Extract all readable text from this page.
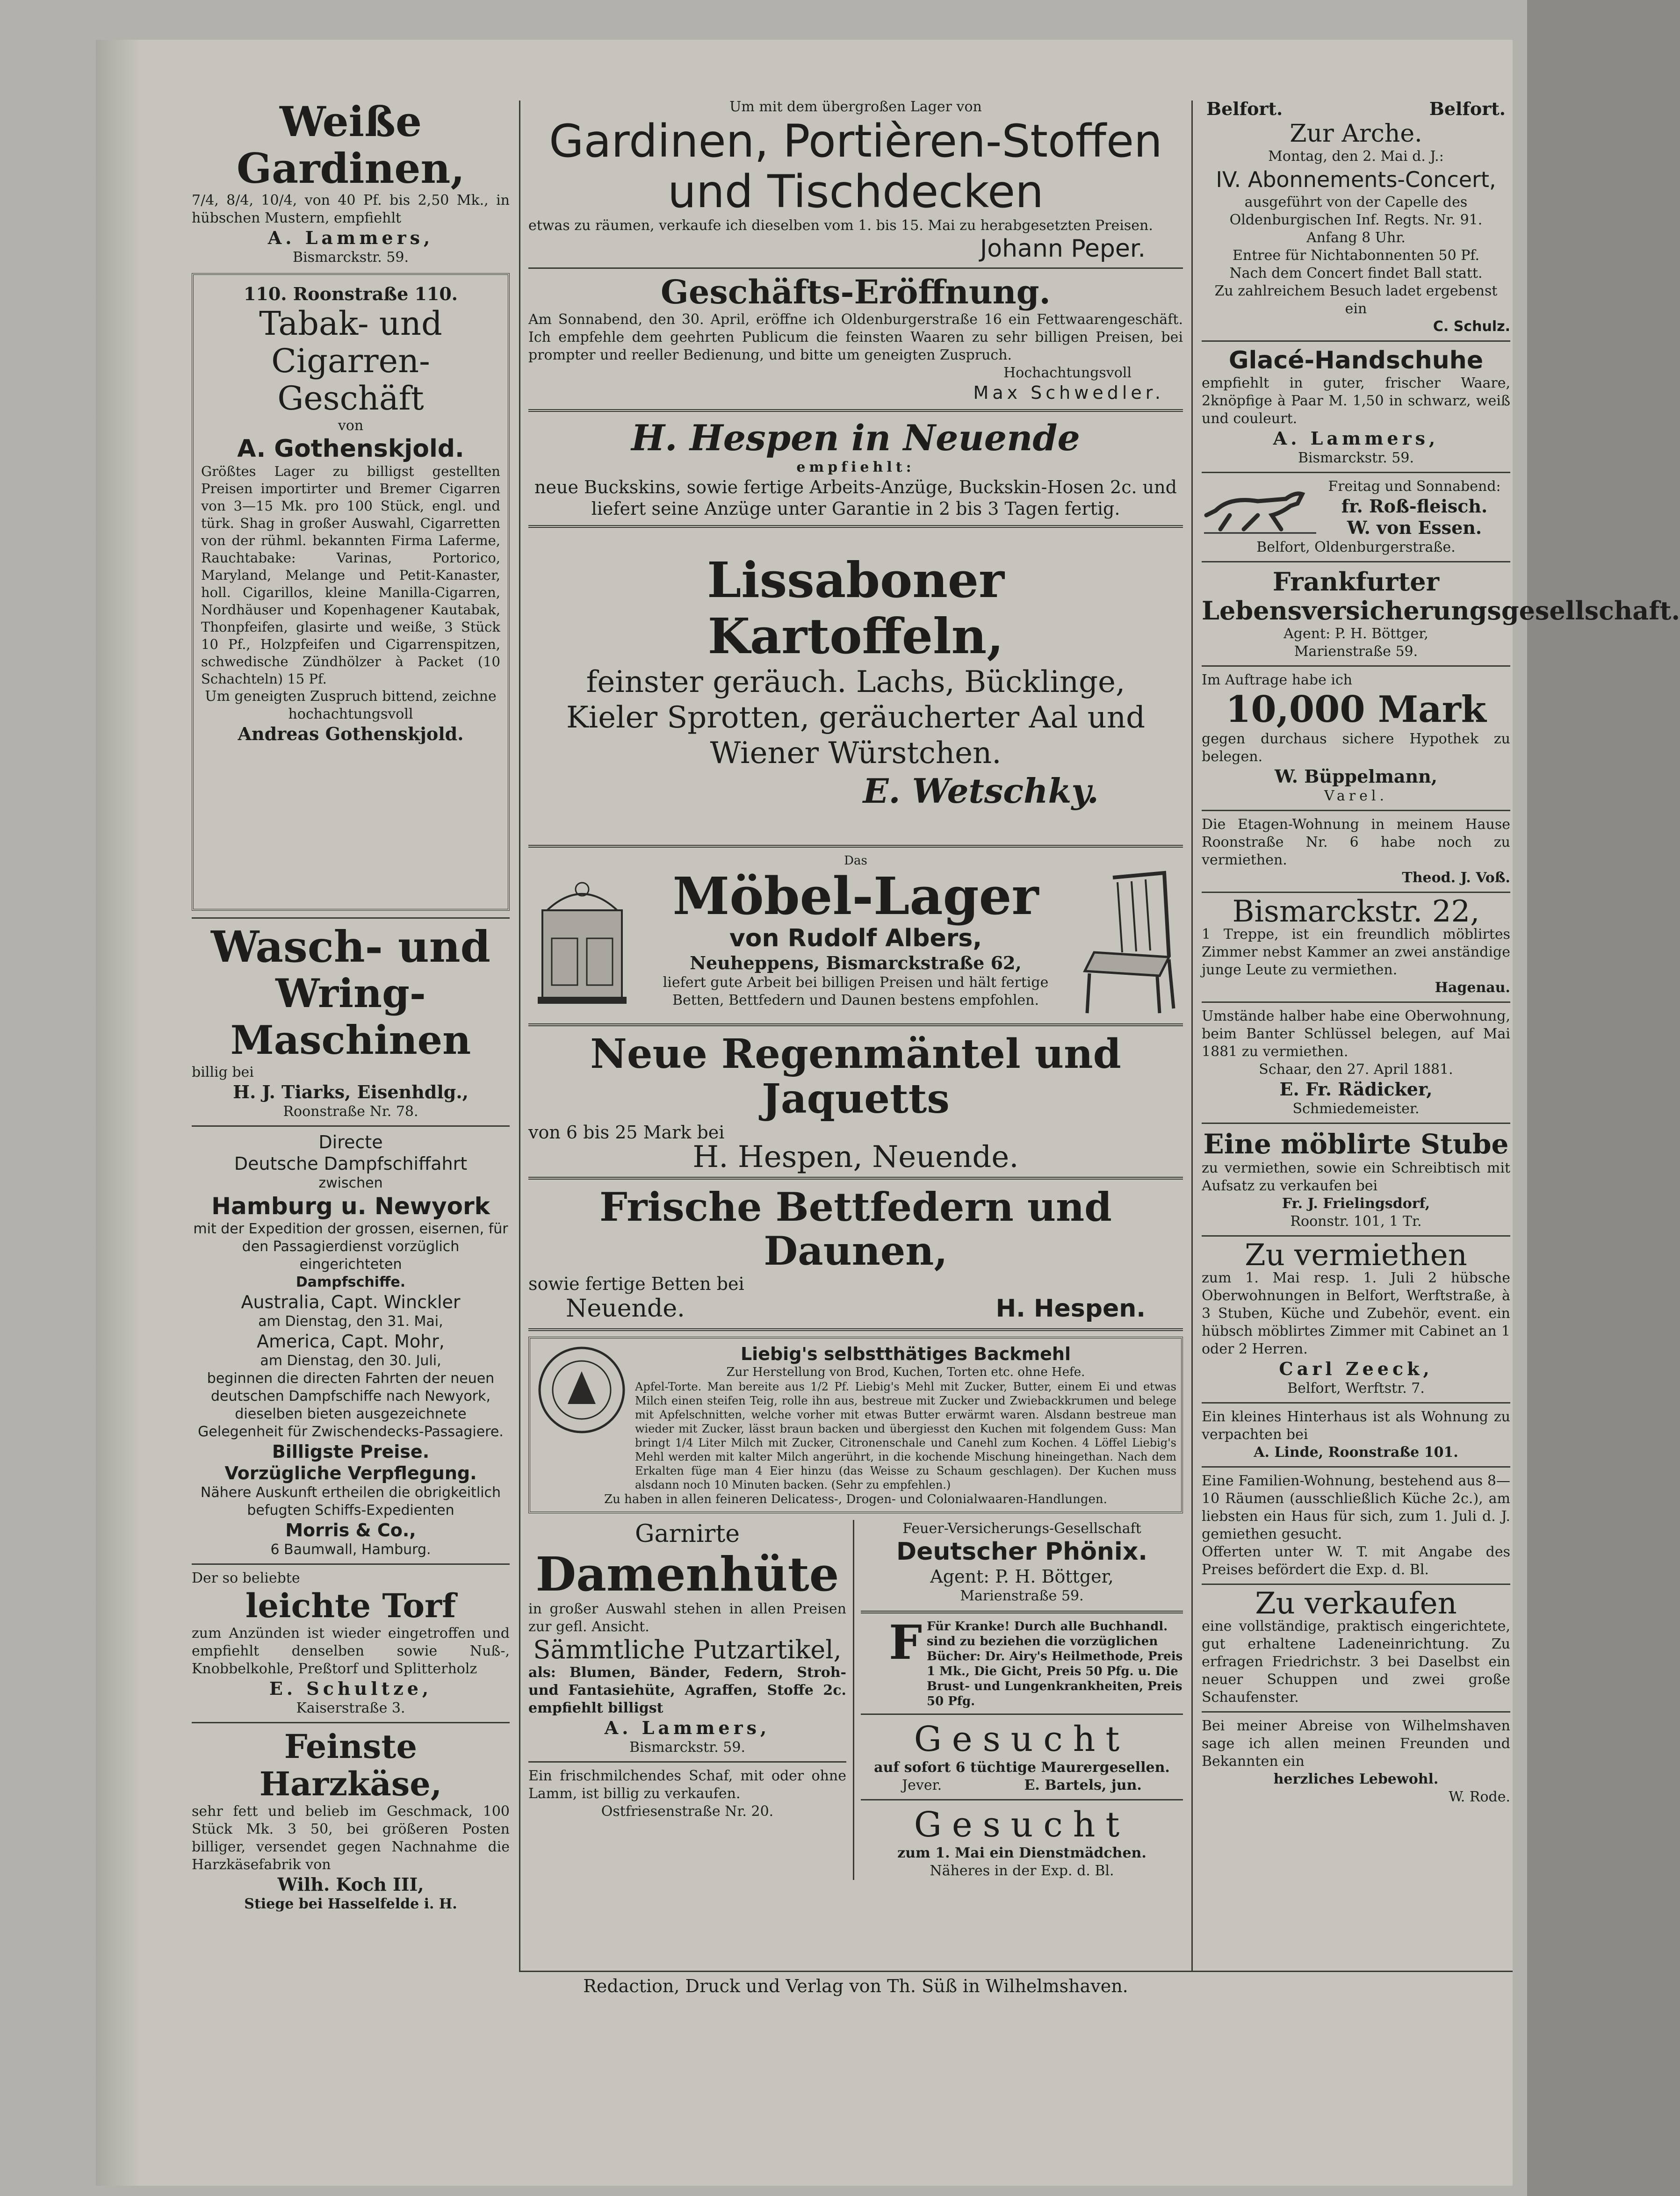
Weiße Gardinen,
7/4, 8/4, 10/4, von 40 Pf. bis 2,50 Mk., in hübschen Mustern, empfiehlt
A. Lammers,
Bismarckstr. 59.
110. Roonstraße 110.
Tabak- und
Cigarren-Geschäft
von
A. Gothenskjold.
Größtes Lager zu billigst gestellten Preisen importirter und Bremer Cigarren von 3—15 Mk. pro 100 Stück, engl. und türk. Shag in großer Auswahl, Cigarretten von der rühml. bekannten Firma Laferme, Rauchtabake: Varinas, Portorico, Maryland, Melange und Petit-Kanaster, holl. Cigarillos, kleine Manilla-Cigarren, Nordhäuser und Kopenhagener Kautabak, Thonpfeifen, glasirte und weiße, 3 Stück 10 Pf., Holzpfeifen und Cigarrenspitzen, schwedische Zündhölzer à Packet (10 Schachteln) 15 Pf.
Um geneigten Zuspruch bittend, zeichne hochachtungsvoll
Andreas Gothenskjold.
Wasch- und
Wring-Maschinen
billig bei
H. J. Tiarks, Eisenhdlg.,
Roonstraße Nr. 78.
Directe
Deutsche Dampfschiffahrt
zwischen
Hamburg u. Newyork
mit der Expedition der grossen, eisernen, für den Passagierdienst vorzüglich eingerichteten
Dampfschiffe.
Australia, Capt. Winckler
am Dienstag, den 31. Mai,
America, Capt. Mohr,
am Dienstag, den 30. Juli,
beginnen die directen Fahrten der neuen deutschen Dampfschiffe nach Newyork, dieselben bieten ausgezeichnete Gelegenheit für Zwischendecks-Passagiere.
Billigste Preise.
Vorzügliche Verpflegung.
Nähere Auskunft ertheilen die obrigkeitlich befugten Schiffs-Expedienten
Morris & Co.,
6 Baumwall, Hamburg.
Der so beliebte
leichte Torf
zum Anzünden ist wieder eingetroffen und empfiehlt denselben sowie Nuß-, Knobbelkohle, Preßtorf und Splitterholz
E. Schultze,
Kaiserstraße 3.
Feinste Harzkäse,
sehr fett und belieb im Geschmack, 100 Stück Mk. 3 50, bei größeren Posten billiger, versendet gegen Nachnahme die Harzkäsefabrik von
Wilh. Koch III,
Stiege bei Hasselfelde i. H.
Um mit dem übergroßen Lager von
Gardinen, Portièren-Stoffen
und Tischdecken
etwas zu räumen, verkaufe ich dieselben vom 1. bis 15. Mai zu herabgesetzten Preisen.
Johann Peper.
Geschäfts-Eröffnung.
Am Sonnabend, den 30. April, eröffne ich Oldenburgerstraße 16 ein Fettwaarengeschäft. Ich empfehle dem geehrten Publicum die feinsten Waaren zu sehr billigen Preisen, bei prompter und reeller Bedienung, und bitte um geneigten Zuspruch.
Hochachtungsvoll
Max Schwedler.
H. Hespen in Neuende
empfiehlt:
neue Buckskins, sowie fertige Arbeits-Anzüge, Buckskin-Hosen 2c. und liefert seine Anzüge unter Garantie in 2 bis 3 Tagen fertig.
Lissaboner Kartoffeln,
feinster geräuch. Lachs, Bücklinge, Kieler Sprotten, geräucherter Aal und Wiener Würstchen.
E. Wetschky.
Das
Möbel-Lager
von Rudolf Albers,
Neuheppens, Bismarckstraße 62,
liefert gute Arbeit bei billigen Preisen und hält fertige Betten, Bettfedern und Daunen bestens empfohlen.
Neue Regenmäntel und Jaquetts
von 6 bis 25 Mark bei
H. Hespen, Neuende.
Frische Bettfedern und Daunen,
sowie fertige Betten bei
Neuende.	H. Hespen.
Liebig's selbstthätiges Backmehl
Zur Herstellung von Brod, Kuchen, Torten etc. ohne Hefe.
Apfel-Torte. Man bereite aus 1/2 Pf. Liebig's Mehl mit Zucker, Butter, einem Ei und etwas Milch einen steifen Teig, rolle ihn aus, bestreue mit Zucker und Zwiebackkrumen und belege mit Apfelschnitten, welche vorher mit etwas Butter erwärmt waren. Alsdann bestreue man wieder mit Zucker, lässt braun backen und übergiesst den Kuchen mit folgendem Guss: Man bringt 1/4 Liter Milch mit Zucker, Citronenschale und Canehl zum Kochen. 4 Löffel Liebig's Mehl werden mit kalter Milch angerührt, in die kochende Mischung hineingethan. Nach dem Erkalten füge man 4 Eier hinzu (das Weisse zu Schaum geschlagen). Der Kuchen muss alsdann noch 10 Minuten backen. (Sehr zu empfehlen.)
Zu haben in allen feineren Delicatess-, Drogen- und Colonialwaaren-Handlungen.
Garnirte
Damenhüte
in großer Auswahl stehen in allen Preisen zur gefl. Ansicht.
Sämmtliche Putzartikel,
als: Blumen, Bänder, Federn, Stroh- und Fantasiehüte, Agraffen, Stoffe 2c. empfiehlt billigst
A. Lammers,
Bismarckstr. 59.
Ein frischmilchendes Schaf, mit oder ohne Lamm, ist billig zu verkaufen.
Ostfriesenstraße Nr. 20.
Feuer-Versicherungs-Gesellschaft
Deutscher Phönix.
Agent: P. H. Böttger,
Marienstraße 59.
F Für Kranke! Durch alle Buchhandl. sind zu beziehen die vorzüglichen Bücher: Dr. Airy's Heilmethode, Preis 1 Mk., Die Gicht, Preis 50 Pfg. u. Die Brust- und Lungenkrankheiten, Preis 50 Pfg.
Gesucht
auf sofort 6 tüchtige Maurergesellen.
Jever.	E. Bartels, jun.
Gesucht
zum 1. Mai ein Dienstmädchen.
Näheres in der Exp. d. Bl.
Belfort.	Belfort.
Zur Arche.
Montag, den 2. Mai d. J.:
IV. Abonnements-Concert,
ausgeführt von der Capelle des Oldenburgischen Inf. Regts. Nr. 91.
Anfang 8 Uhr.
Entree für Nichtabonnenten 50 Pf.
Nach dem Concert findet Ball statt.
Zu zahlreichem Besuch ladet ergebenst ein
C. Schulz.
Glacé-Handschuhe
empfiehlt in guter, frischer Waare, 2knöpfige à Paar M. 1,50 in schwarz, weiß und couleurt.
A. Lammers,
Bismarckstr. 59.
Freitag und Sonnabend:
fr. Roß-fleisch.
W. von Essen.
Belfort, Oldenburgerstraße.
Frankfurter Lebensversicherungsgesellschaft.
Agent: P. H. Böttger,
Marienstraße 59.
Im Auftrage habe ich
10,000 Mark
gegen durchaus sichere Hypothek zu belegen.
W. Büppelmann,
Varel.
Die Etagen-Wohnung in meinem Hause Roonstraße Nr. 6 habe noch zu vermiethen.
Theod. J. Voß.
Bismarckstr. 22,
1 Treppe, ist ein freundlich möblirtes Zimmer nebst Kammer an zwei anständige junge Leute zu vermiethen.
Hagenau.
Umstände halber habe eine Oberwohnung, beim Banter Schlüssel belegen, auf Mai 1881 zu vermiethen.
Schaar, den 27. April 1881.
E. Fr. Rädicker,
Schmiedemeister.
Eine möblirte Stube
zu vermiethen, sowie ein Schreibtisch mit Aufsatz zu verkaufen bei
Fr. J. Frielingsdorf,
Roonstr. 101, 1 Tr.
Zu vermiethen
zum 1. Mai resp. 1. Juli 2 hübsche Oberwohnungen in Belfort, Werftstraße, à 3 Stuben, Küche und Zubehör, event. ein hübsch möblirtes Zimmer mit Cabinet an 1 oder 2 Herren.
Carl Zeeck,
Belfort, Werftstr. 7.
Ein kleines Hinterhaus ist als Wohnung zu verpachten bei
A. Linde, Roonstraße 101.
Eine Familien-Wohnung, bestehend aus 8—10 Räumen (ausschließlich Küche 2c.), am liebsten ein Haus für sich, zum 1. Juli d. J. gemiethen gesucht.
Offerten unter W. T. mit Angabe des Preises befördert die Exp. d. Bl.
Zu verkaufen
eine vollständige, praktisch eingerichtete, gut erhaltene Ladeneinrichtung. Zu erfragen Friedrichstr. 3 bei Daselbst ein neuer Schuppen und zwei große Schaufenster.
Bei meiner Abreise von Wilhelmshaven sage ich allen meinen Freunden und Bekannten ein
herzliches Lebewohl.
W. Rode.
Redaction, Druck und Verlag von Th. Süß in Wilhelmshaven.
